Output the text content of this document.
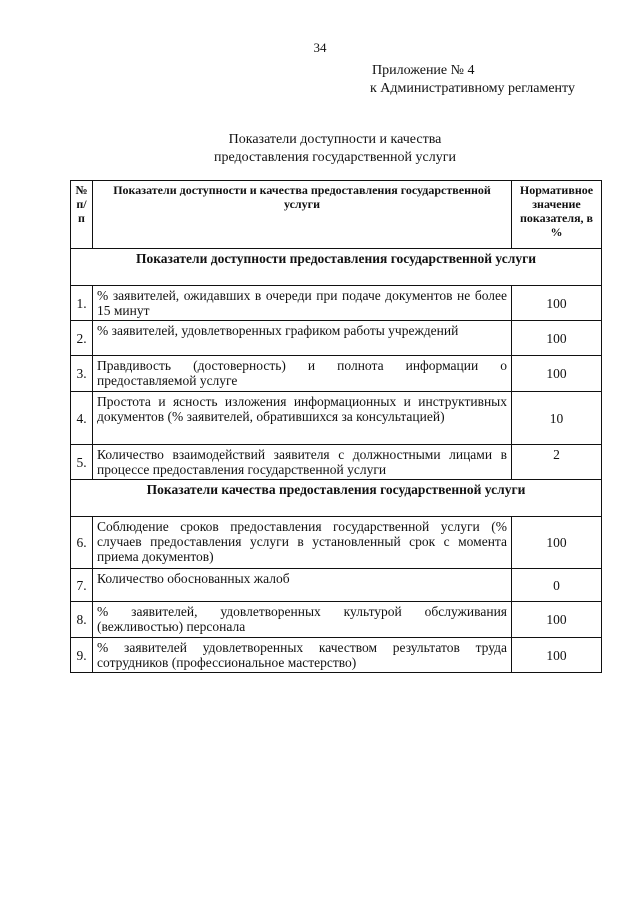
34
Приложение № 4
к Административному регламенту
Показатели доступности и качества
предоставления государственной услуги
№ п/п	Показатели доступности и качества предоставления государственной услуги	Нормативное значение показателя, в %
Показатели доступности предоставления государственной услуги		
1.	% заявителей, ожидавших в очереди при подаче документов не более 15 минут	100
2.	% заявителей, удовлетворенных графиком работы учреждений	100
3.	Правдивость (достоверность) и полнота информации о предоставляемой услуге	100
4.	Простота и ясность изложения информационных и инструктивных документов (% заявителей, обратившихся за консультацией)	10
5.	Количество взаимодействий заявителя с должностными лицами в процессе предоставления государственной услуги	2
Показатели качества предоставления государственной услуги		
6.	Соблюдение сроков предоставления государственной услуги (% случаев предоставления услуги в установленный срок с момента приема документов)	100
7.	Количество обоснованных жалоб	0
8.	% заявителей, удовлетворенных культурой обслуживания (вежливостью) персонала	100
9.	% заявителей удовлетворенных качеством результатов труда сотрудников (профессиональное мастерство)	100
